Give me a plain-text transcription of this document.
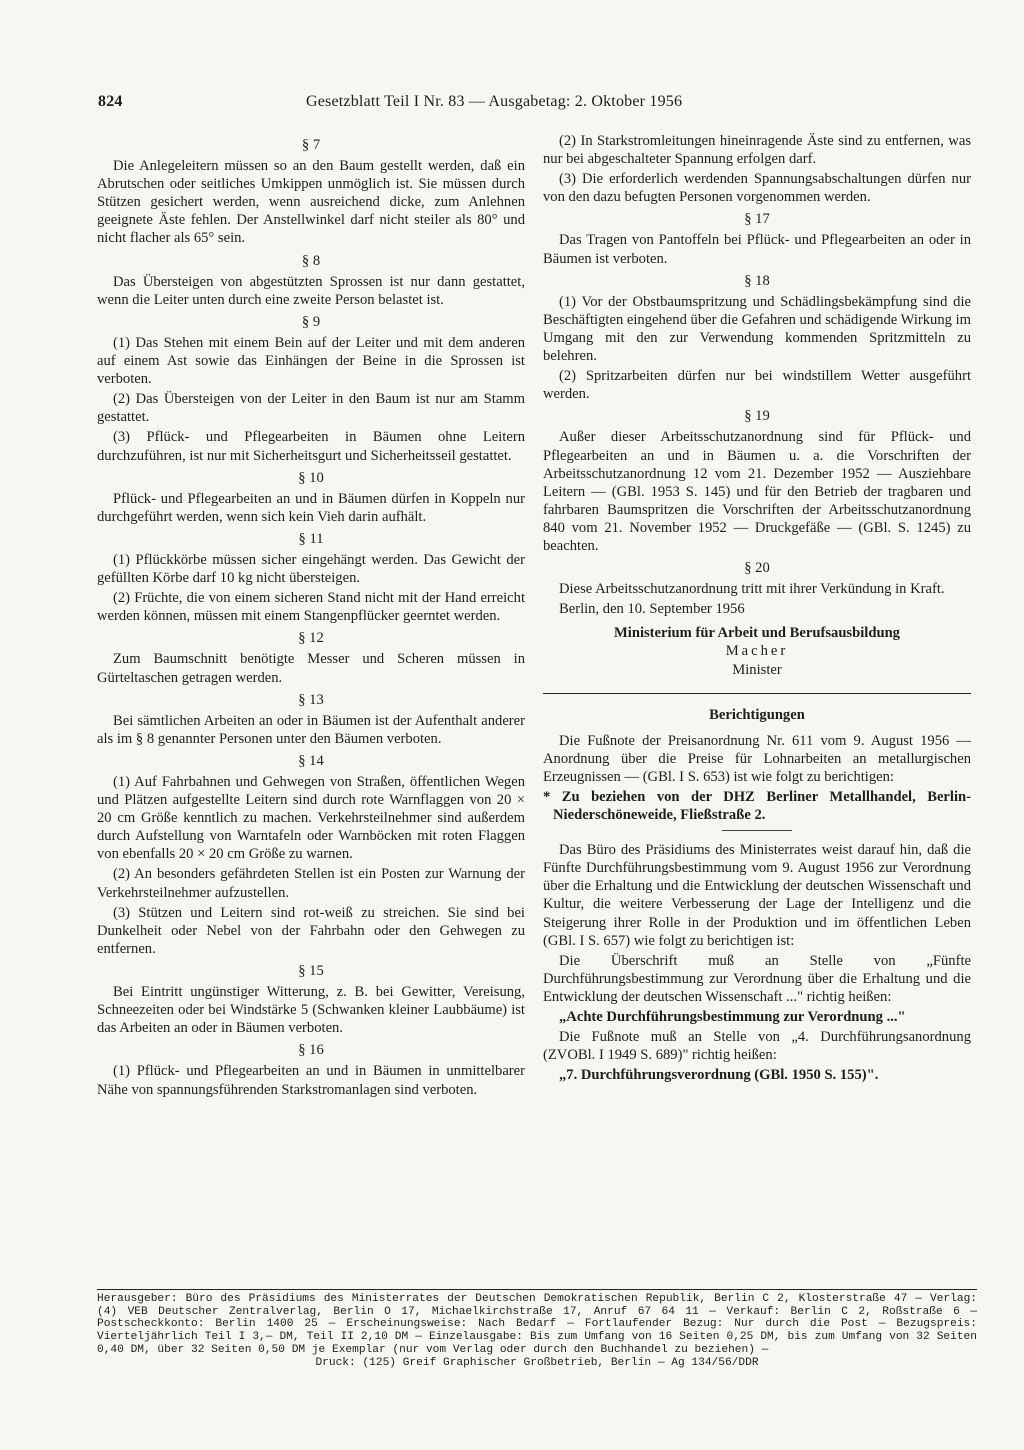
824	Gesetzblatt Teil I Nr. 83 — Ausgabetag: 2. Oktober 1956
§ 7

Die Anlegeleitern müssen so an den Baum gestellt werden, daß ein Abrutschen oder seitliches Umkippen unmöglich ist. Sie müssen durch Stützen gesichert werden, wenn ausreichend dicke, zum Anlehnen geeignete Äste fehlen. Der Anstellwinkel darf nicht steiler als 80° und nicht flacher als 65° sein.

§ 8

Das Übersteigen von abgestützten Sprossen ist nur dann gestattet, wenn die Leiter unten durch eine zweite Person belastet ist.

§ 9

(1) Das Stehen mit einem Bein auf der Leiter und mit dem anderen auf einem Ast sowie das Einhängen der Beine in die Sprossen ist verboten.

(2) Das Übersteigen von der Leiter in den Baum ist nur am Stamm gestattet.

(3) Pflück- und Pflegearbeiten in Bäumen ohne Leitern durchzuführen, ist nur mit Sicherheitsgurt und Sicherheitsseil gestattet.

§ 10

Pflück- und Pflegearbeiten an und in Bäumen dürfen in Koppeln nur durchgeführt werden, wenn sich kein Vieh darin aufhält.

§ 11

(1) Pflückkörbe müssen sicher eingehängt werden. Das Gewicht der gefüllten Körbe darf 10 kg nicht übersteigen.

(2) Früchte, die von einem sicheren Stand nicht mit der Hand erreicht werden können, müssen mit einem Stangenpflücker geerntet werden.

§ 12

Zum Baumschnitt benötigte Messer und Scheren müssen in Gürteltaschen getragen werden.

§ 13

Bei sämtlichen Arbeiten an oder in Bäumen ist der Aufenthalt anderer als im § 8 genannter Personen unter den Bäumen verboten.

§ 14

(1) Auf Fahrbahnen und Gehwegen von Straßen, öffentlichen Wegen und Plätzen aufgestellte Leitern sind durch rote Warnflaggen von 20 × 20 cm Größe kenntlich zu machen. Verkehrsteilnehmer sind außerdem durch Aufstellung von Warntafeln oder Warnböcken mit roten Flaggen von ebenfalls 20 × 20 cm Größe zu warnen.

(2) An besonders gefährdeten Stellen ist ein Posten zur Warnung der Verkehrsteilnehmer aufzustellen.

(3) Stützen und Leitern sind rot-weiß zu streichen. Sie sind bei Dunkelheit oder Nebel von der Fahrbahn oder den Gehwegen zu entfernen.

§ 15

Bei Eintritt ungünstiger Witterung, z. B. bei Gewitter, Vereisung, Schneezeiten oder bei Windstärke 5 (Schwanken kleiner Laubbäume) ist das Arbeiten an oder in Bäumen verboten.

§ 16

(1) Pflück- und Pflegearbeiten an und in Bäumen in unmittelbarer Nähe von spannungsführenden Starkstromanlagen sind verboten.

(2) In Starkstromleitungen hineinragende Äste sind zu entfernen, was nur bei abgeschalteter Spannung erfolgen darf.

(3) Die erforderlich werdenden Spannungsabschaltungen dürfen nur von den dazu befugten Personen vorgenommen werden.

§ 17

Das Tragen von Pantoffeln bei Pflück- und Pflegearbeiten an oder in Bäumen ist verboten.

§ 18

(1) Vor der Obstbaumspritzung und Schädlingsbekämpfung sind die Beschäftigten eingehend über die Gefahren und schädigende Wirkung im Umgang mit den zur Verwendung kommenden Spritzmitteln zu belehren.

(2) Spritzarbeiten dürfen nur bei windstillem Wetter ausgeführt werden.

§ 19

Außer dieser Arbeitsschutzanordnung sind für Pflück- und Pflegearbeiten an und in Bäumen u. a. die Vorschriften der Arbeitsschutzanordnung 12 vom 21. Dezember 1952 — Ausziehbare Leitern — (GBl. 1953 S. 145) und für den Betrieb der tragbaren und fahrbaren Baumspritzen die Vorschriften der Arbeitsschutzanordnung 840 vom 21. November 1952 — Druckgefäße — (GBl. S. 1245) zu beachten.

§ 20

Diese Arbeitsschutzanordnung tritt mit ihrer Verkündung in Kraft.

Berlin, den 10. September 1956

Ministerium für Arbeit und Berufsausbildung
Macher
Minister
Berichtigungen

Die Fußnote der Preisanordnung Nr. 611 vom 9. August 1956 — Anordnung über die Preise für Lohnarbeiten an metallurgischen Erzeugnissen — (GBl. I S. 653) ist wie folgt zu berichtigen:

* Zu beziehen von der DHZ Berliner Metallhandel, Berlin-Niederschöneweide, Fließstraße 2.

Das Büro des Präsidiums des Ministerrates weist darauf hin, daß die Fünfte Durchführungsbestimmung vom 9. August 1956 zur Verordnung über die Erhaltung und die Entwicklung der deutschen Wissenschaft und Kultur, die weitere Verbesserung der Lage der Intelligenz und die Steigerung ihrer Rolle in der Produktion und im öffentlichen Leben (GBl. I S. 657) wie folgt zu berichtigen ist:

Die Überschrift muß an Stelle von „Fünfte Durchführungsbestimmung zur Verordnung über die Erhaltung und die Entwicklung der deutschen Wissenschaft ..." richtig heißen:

„Achte Durchführungsbestimmung zur Verordnung ..."

Die Fußnote muß an Stelle von „4. Durchführungsanordnung (ZVOBl. I 1949 S. 689)" richtig heißen:

„7. Durchführungsverordnung (GBl. 1950 S. 155)".

Herausgeber: Büro des Präsidiums des Ministerrates der Deutschen Demokratischen Republik, Berlin C 2, Klosterstraße 47 — Verlag: (4) VEB Deutscher Zentralverlag, Berlin O 17, Michaelkirchstraße 17, Anruf 67 64 11 — Verkauf: Berlin C 2, Roßstraße 6 — Postscheckkonto: Berlin 1400 25 — Erscheinungsweise: Nach Bedarf — Fortlaufender Bezug: Nur durch die Post — Bezugspreis: Vierteljährlich Teil I 3,— DM, Teil II 2,10 DM — Einzelausgabe: Bis zum Umfang von 16 Seiten 0,25 DM, bis zum Umfang von 32 Seiten 0,40 DM, über 32 Seiten 0,50 DM je Exemplar (nur vom Verlag oder durch den Buchhandel zu beziehen) —

Druck: (125) Greif Graphischer Großbetrieb, Berlin — Ag 134/56/DDR
